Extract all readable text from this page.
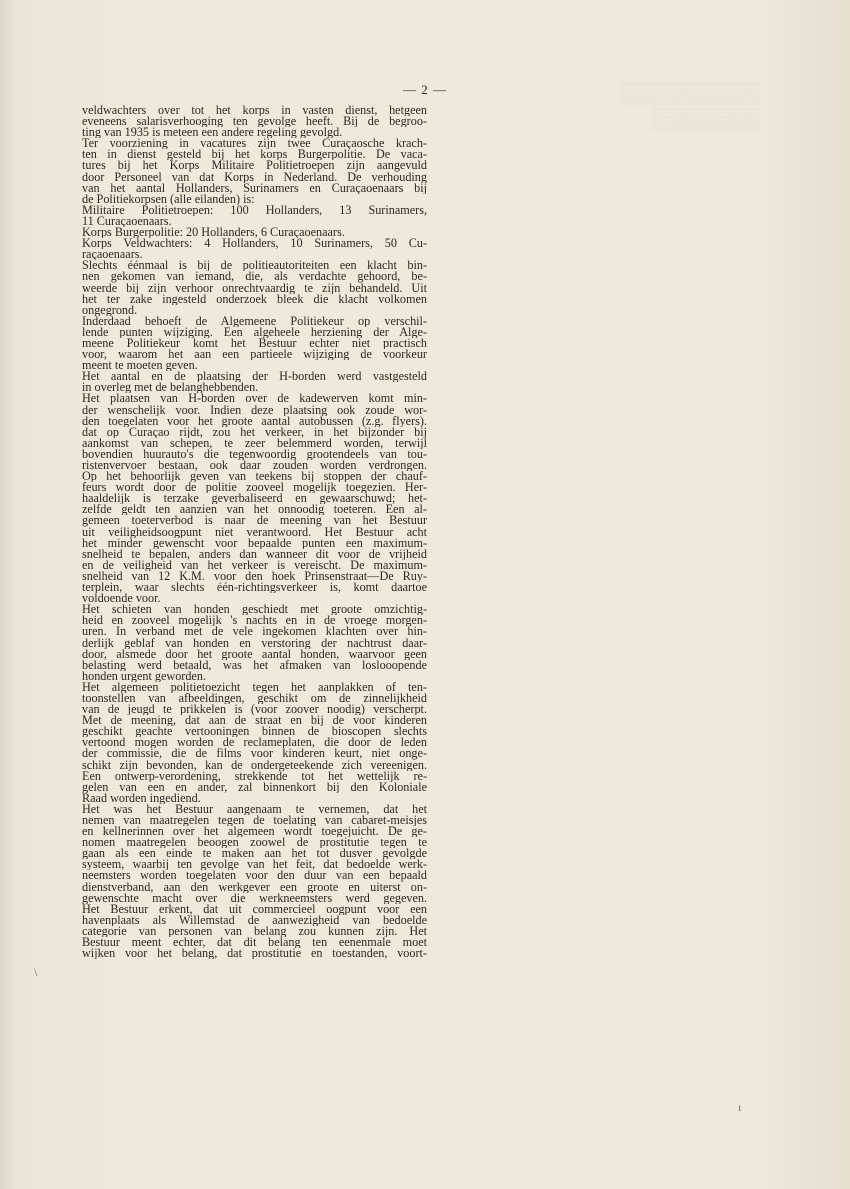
▒▒▒▒▒▒▒▒▒
▒▒▒▒▒▒▒
— 2 —
veldwachters over tot het korps in vasten dienst, hetgeen
eveneens salarisverhooging ten gevolge heeft. Bij de begroo-
ting van 1935 is meteen een andere regeling gevolgd.
Ter voorziening in vacatures zijn twee Curaçaosche krach-
ten in dienst gesteld bij het korps Burgerpolitie. De vaca-
tures bij het Korps Militaire Politietroepen zijn aangevuld
door Personeel van dat Korps in Nederland. De verhouding
van het aantal Hollanders, Surinamers en Curaçaoenaars bij
de Politiekorpsen (alle eilanden) is:
Militaire Politietroepen: 100 Hollanders, 13 Surinamers,
11 Curaçaoenaars.
Korps Burgerpolitie: 20 Hollanders, 6 Curaçaoenaars.
Korps Veldwachters: 4 Hollanders, 10 Surinamers, 50 Cu-
raçaoenaars.
Slechts éénmaal is bij de politieautoriteiten een klacht bin-
nen gekomen van iemand, die, als verdachte gehoord, be-
weerde bij zijn verhoor onrechtvaardig te zijn behandeld. Uit
het ter zake ingesteld onderzoek bleek die klacht volkomen
ongegrond.
Inderdaad behoeft de Algemeene Politiekeur op verschil-
lende punten wijziging. Een algeheele herziening der Alge-
meene Politiekeur komt het Bestuur echter niet practisch
voor, waarom het aan een partieele wijziging de voorkeur
meent te moeten geven.
Het aantal en de plaatsing der H-borden werd vastgesteld
in overleg met de belanghebbenden.
Het plaatsen van H-borden over de kadewerven komt min-
der wenschelijk voor. Indien deze plaatsing ook zoude wor-
den toegelaten voor het groote aantal autobussen (z.g. flyers).
dat op Curaçao rijdt, zou het verkeer, in het bijzonder bij
aankomst van schepen, te zeer belemmerd worden, terwijl
bovendien huurauto's die tegenwoordig grootendeels van tou-
ristenvervoer bestaan, ook daar zouden worden verdrongen.
Op het behoorlijk geven van teekens bij stoppen der chauf-
feurs wordt door de politie zooveel mogelijk toegezien. Her-
haaldelijk is terzake geverbaliseerd en gewaarschuwd; het-
zelfde geldt ten aanzien van het onnoodig toeteren. Een al-
gemeen toeterverbod is naar de meening van het Bestuur
uit veiligheidsoogpunt niet verantwoord. Het Bestuur acht
het minder gewenscht voor bepaalde punten een maximum-
snelheid te bepalen, anders dan wanneer dit voor de vrijheid
en de veiligheid van het verkeer is vereischt. De maximum-
snelheid van 12 K.M. voor den hoek Prinsenstraat—De Ruy-
terplein, waar slechts één-richtingsverkeer is, komt daartoe
voldoende voor.
Het schieten van honden geschiedt met groote omzichtig-
heid en zooveel mogelijk 's nachts en in de vroege morgen-
uren. In verband met de vele ingekomen klachten over hin-
derlijk geblaf van honden en verstoring der nachtrust daar-
door, alsmede door het groote aantal honden, waarvoor geen
belasting werd betaald, was het afmaken van loslooopende
honden urgent geworden.
Het algemeen politietoezicht tegen het aanplakken of ten-
toonstellen van afbeeldingen, geschikt om de zinnelijkheid
van de jeugd te prikkelen is (voor zoover noodig) verscherpt.
Met de meening, dat aan de straat en bij de voor kinderen
geschikt geachte vertooningen binnen de bioscopen slechts
vertoond mogen worden de reclameplaten, die door de leden
der commissie, die de films voor kinderen keurt, niet onge-
schikt zijn bevonden, kan de ondergeteekende zich vereenigen.
Een ontwerp-verordening, strekkende tot het wettelijk re-
gelen van een en ander, zal binnenkort bij den Koloniale
Raad worden ingediend.
Het was het Bestuur aangenaam te vernemen, dat het
nemen van maatregelen tegen de toelating van cabaret-meisjes
en kellnerinnen over het algemeen wordt toegejuicht. De ge-
nomen maatregelen beoogen zoowel de prostitutie tegen te
gaan als een einde te maken aan het tot dusver gevolgde
systeem, waarbij ten gevolge van het feit, dat bedoelde werk-
neemsters worden toegelaten voor den duur van een bepaald
dienstverband, aan den werkgever een groote en uiterst on-
gewenschte macht over die werkneemsters werd gegeven.
Het Bestuur erkent, dat uit commercieel oogpunt voor een
havenplaats als Willemstad de aanwezigheid van bedoelde
categorie van personen van belang zou kunnen zijn. Het
Bestuur meent echter, dat dit belang ten eenenmale moet
wijken voor het belang, dat prostitutie en toestanden, voort-
\
ı
